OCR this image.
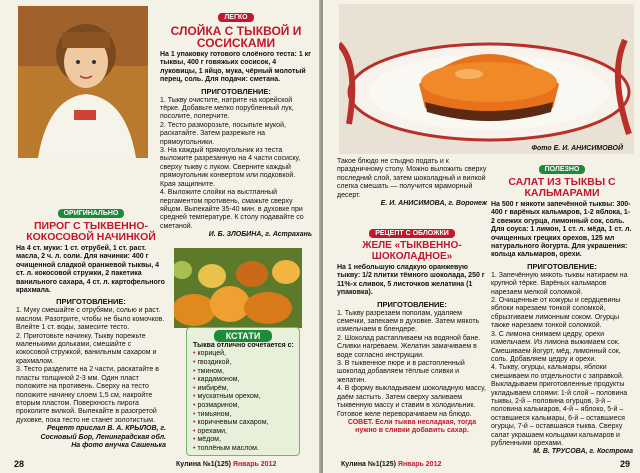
ЛЕГКО

СЛОЙКА С ТЫКВОЙ И СОСИСКАМИ

На 1 упаковку готового слоёного теста: 1 кг тыквы, 400 г говяжьих сосисок, 4 луковицы, 1 яйцо, мука, чёрный молотый перец, соль. Для подачи: сметана.

ПРИГОТОВЛЕНИЕ:

1. Тыкву очистите, натрите на корейской тёрке. Добавьте мелко порубленный лук, посолите, поперчите.

2. Тесто разморозьте, посыпьте мукой, раскатайте. Затем разрежьте на прямоугольники.

3. На каждый прямоугольник из теста выложите разрезанную на 4 части сосиску, сверху тыкву с луком. Сверните каждый прямоугольник конвертом или подковкой. Края защипните.

4. Выложите слойки на выстланный пергаментом противень, смажьте сверху яйцом. Выпекайте 35-40 мин. в духовке при средней температуре. К столу подавайте со сметаной.

И. Б. ЗЛОБИНА, г. Астрахань

ОРИГИНАЛЬНО

ПИРОГ С ТЫКВЕННО-КОКОСОВОЙ НАЧИНКОЙ

На 4 ст. муки: 1 ст. отрубей, 1 ст. раст. масла, 2 ч. л. соли. Для начинки: 400 г очищенной сладкой оранжевой тыквы, 4 ст. л. кокосовой стружки, 2 пакетика ванильного сахара, 4 ст. л. картофельного крахмала.

ПРИГОТОВЛЕНИЕ:

1. Муку смешайте с отрубями, солью и раст. маслом. Разотрите, чтобы не было комочков. Влейте 1 ст. воды, замесите тесто.

2. Приготовьте начинку. Тыкву порежьте маленькими дольками, смешайте с кокосовой стружкой, ванильным сахаром и крахмалом.

3. Тесто разделите на 2 части, раскатайте в пласты толщиной 2-3 мм. Один пласт положите на противень. Сверху на тесто положите начинку слоем 1,5 см, накройте вторым пластом. Поверхность пирога проколите вилкой. Выпекайте в разогретой духовке, пока тесто не станет золотистым.

Рецепт прислал В. А. КРЫЛОВ, г. Сосновый Бор, Ленинградская обл.

На фото внучка Сашенька

КСТАТИ

Тыква отлично сочетается с:

• корицей,
• гвоздикой,
• тмином,
• кардамоном,
• имбирём,
• мускатным орехом,
• розмарином,
• тимьяном,
• коричневым сахаром,
• орехами,
• мёдом,
• топлёным маслом.
28	Кулина №1(125) Январь 2012

Фото Е. И. АНИСИМОВОЙ

Такое блюдо не стыдно подать и к праздничному столу. Можно выложить сверху последний слой, затем шоколадный и вилкой слегка смешать — получится мраморный десерт.

Е. И. АНИСИМОВА, г. Воронеж

РЕЦЕПТ С ОБЛОЖКИ

ЖЕЛЕ «ТЫКВЕННО-ШОКОЛАДНОЕ»

На 1 небольшую сладкую оранжевую тыкву: 1/2 плитки тёмного шоколада, 250 г 11%-х сливок, 5 листочков желатина (1 упаковка).

ПРИГОТОВЛЕНИЕ:

1. Тыкву разрезаем пополам, удаляем семечки, запекаем в духовке. Затем мякоть измельчаем в блендере.

2. Шоколад растапливаем на водяной бане. Сливки нагреваем. Желатин замачиваем в воде согласно инструкции.

3. В тыквенное пюре и в растопленный шоколад добавляем тёплые сливки и желатин.

4. В форму выкладываем шоколадную массу, даём застыть. Затем сверху заливаем тыквенную массу и ставим в холодильник. Готовое желе переворачиваем на блюдо.

СОВЕТ. Если тыква несладкая, тогда нужно в сливки добавить сахар.

ПОЛЕЗНО

САЛАТ ИЗ ТЫКВЫ С КАЛЬМАРАМИ

На 500 г мякоти запечённой тыквы: 300-400 г варёных кальмаров, 1-2 яблока, 1-2 свежих огурца, лимонный сок, соль. Для соуса: 1 лимон, 1 ст. л. мёда, 1 ст. л. очищенных грецких орехов, 125 мл натурального йогурта. Для украшения: кольца кальмаров, орехи.

ПРИГОТОВЛЕНИЕ:

1. Запечённую мякоть тыквы натираем на крупной тёрке. Варёных кальмаров нарезаем мелкой соломкой.

2. Очищенные от кожуры и сердцевины яблоки нарезаем тонкой соломкой, сбрызгиваем лимонным соком. Огурцы также нарезаем тонкой соломкой.

3. С лимона снимаем цедру, орехи измельчаем. Из лимона выжимаем сок. Смешиваем йогурт, мёд, лимонный сок, соль. Добавляем цедру и орехи.

4. Тыкву, огурцы, кальмары, яблоки смешиваем по отдельности с заправкой. Выкладываем приготовленные продукты укладываем слоями: 1-й слой – половина тыквы, 2-й – половина огурцов, 3-й – половина кальмаров, 4-й – яблоко, 5-й – оставшиеся кальмары, 6-й – оставшиеся огурцы, 7-й – оставшаяся тыква. Сверху салат украшаем кольцами кальмаров и рубленными орехами.

М. В. ТРУСОВА, г. Кострома

Кулина №1(125) Январь 2012	29
